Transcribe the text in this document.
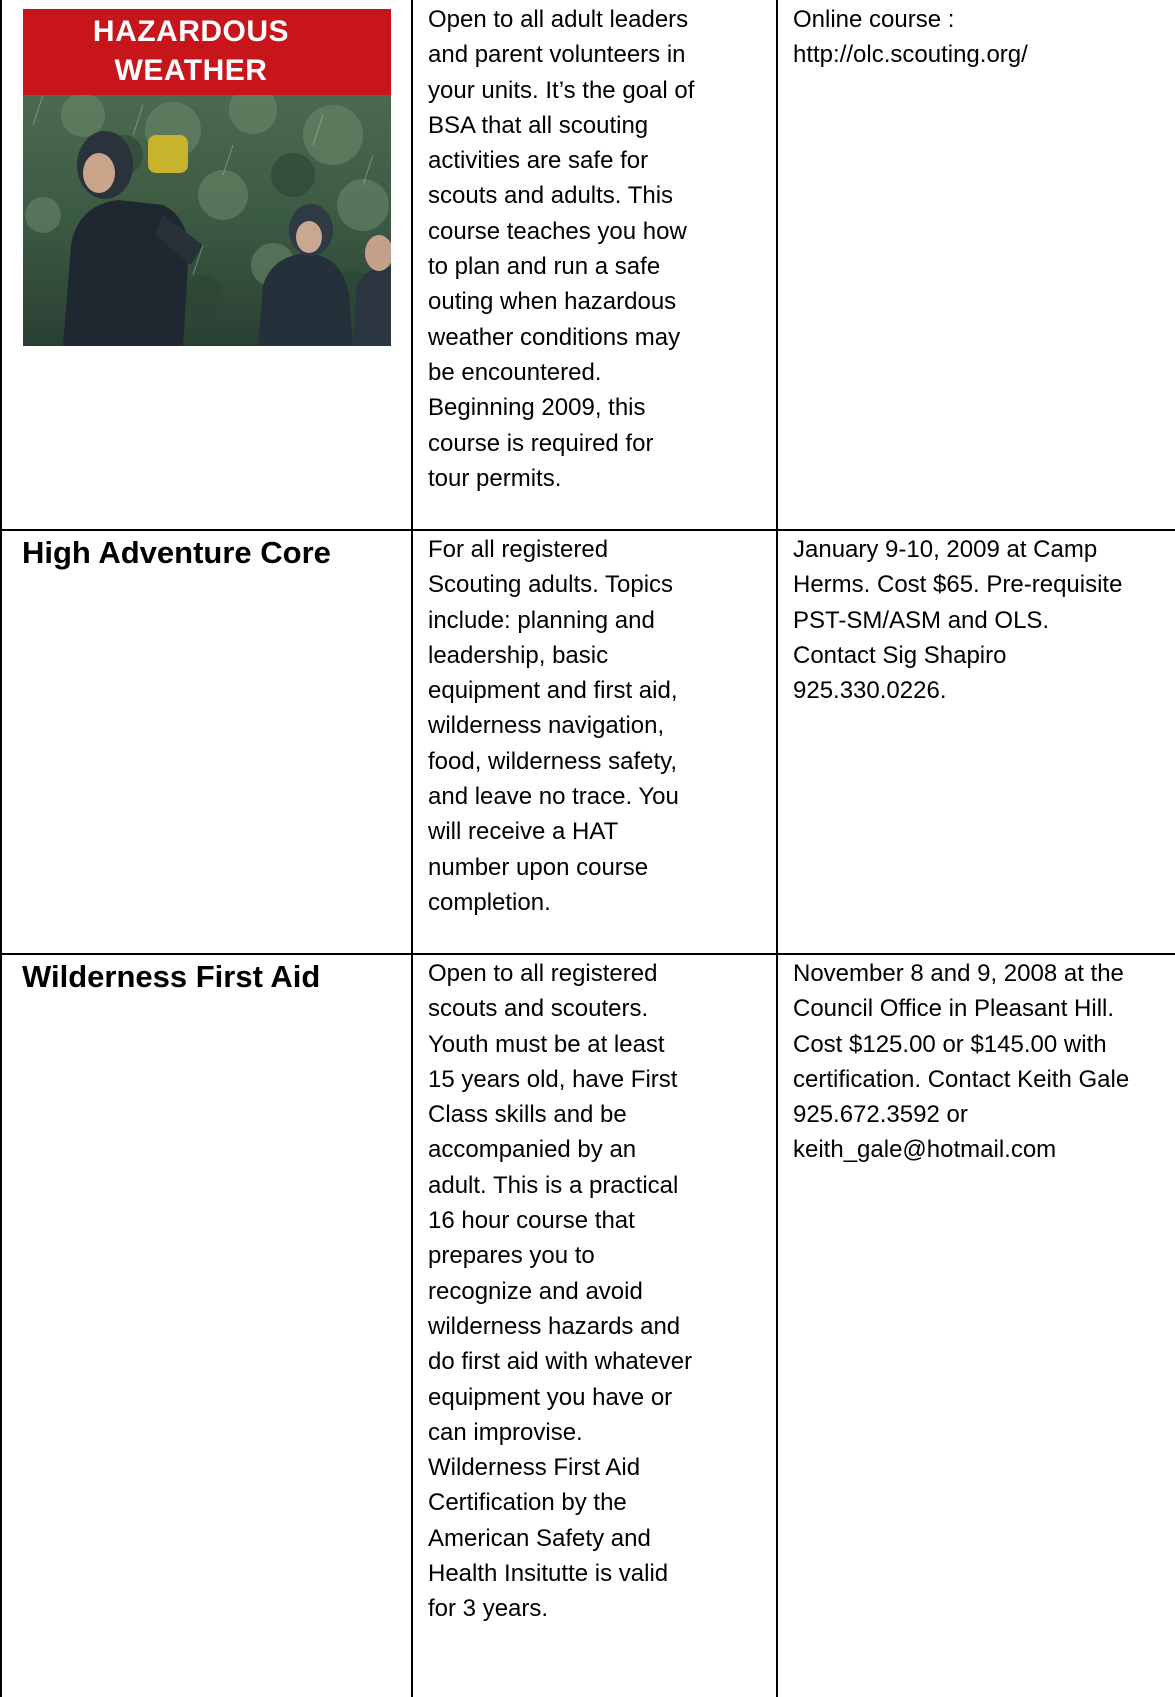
HAZARDOUS
WEATHER
Open to all adult leaders
and parent volunteers in
your units. It’s the goal of
BSA that all scouting
activities are safe for
scouts and adults. This
course teaches you how
to plan and run a safe
outing when hazardous
weather conditions may
be encountered.
Beginning 2009, this
course is required for
tour permits.
Online course :
http://olc.scouting.org/
High Adventure Core	For all registered
Scouting adults. Topics
include: planning and
leadership, basic
equipment and first aid,
wilderness navigation,
food, wilderness safety,
and leave no trace. You
will receive a HAT
number upon course
completion.
January 9-10, 2009 at Camp
Herms. Cost $65. Pre-requisite
PST-SM/ASM and OLS.
Contact Sig Shapiro
925.330.0226.
Wilderness First Aid	Open to all registered
scouts and scouters.
Youth must be at least
15 years old, have First
Class skills and be
accompanied by an
adult. This is a practical
16 hour course that
prepares you to
recognize and avoid
wilderness hazards and
do first aid with whatever
equipment you have or
can improvise.
Wilderness First Aid
Certification by the
American Safety and
Health Insitutte is valid
for 3 years.
November 8 and 9, 2008 at the
Council Office in Pleasant Hill.
Cost $125.00 or $145.00 with
certification. Contact Keith Gale
925.672.3592 or
keith_gale@hotmail.com
